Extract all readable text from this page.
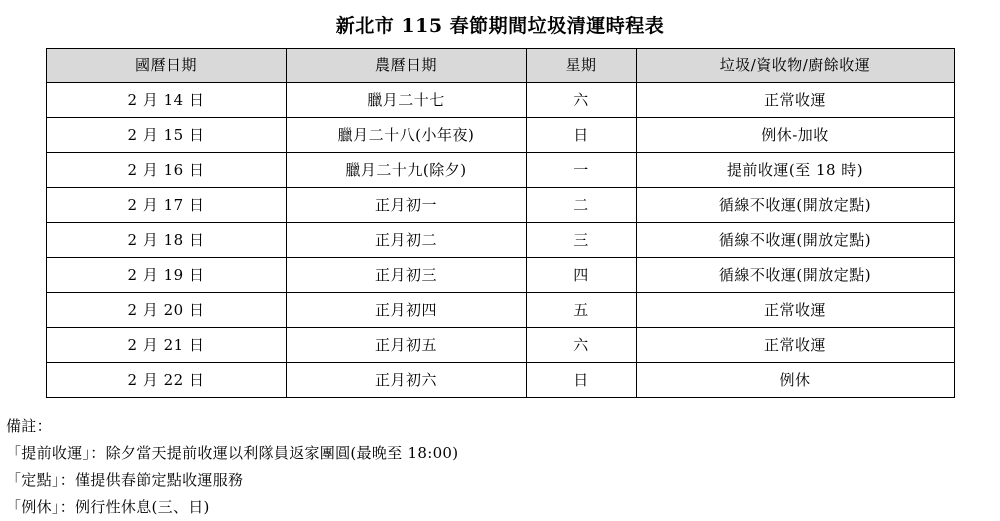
新北市 115 春節期間垃圾清運時程表
國曆日期	農曆日期	星期	垃圾/資收物/廚餘收運
2 月 14 日	臘月二十七	六	正常收運
2 月 15 日	臘月二十八(小年夜)	日	例休-加收
2 月 16 日	臘月二十九(除夕)	一	提前收運(至 18 時)
2 月 17 日	正月初一	二	循線不收運(開放定點)
2 月 18 日	正月初二	三	循線不收運(開放定點)
2 月 19 日	正月初三	四	循線不收運(開放定點)
2 月 20 日	正月初四	五	正常收運
2 月 21 日	正月初五	六	正常收運
2 月 22 日	正月初六	日	例休
備註：
「提前收運」：除夕當天提前收運以利隊員返家團圓(最晚至 18:00)
「定點」：僅提供春節定點收運服務
「例休」：例行性休息(三、日)
